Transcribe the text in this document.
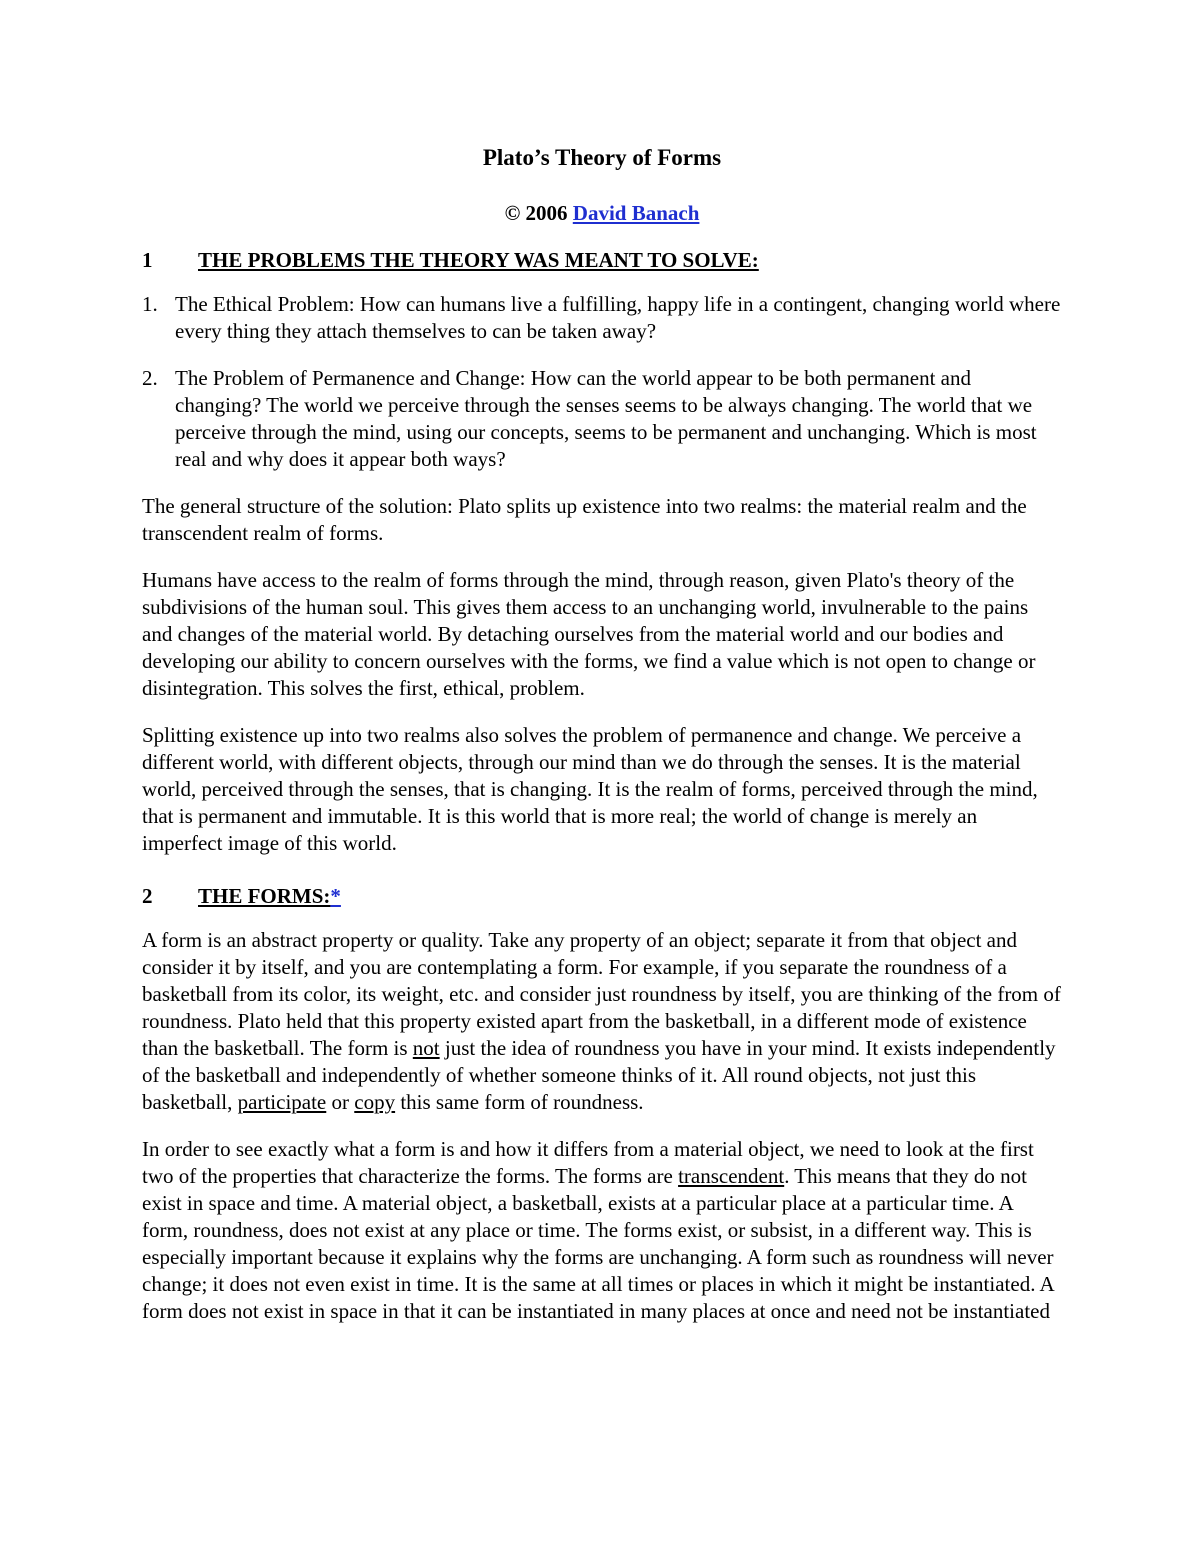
Plato’s Theory of Forms
© 2006 David Banach
1	THE PROBLEMS THE THEORY WAS MEANT TO SOLVE:
1. The Ethical Problem: How can humans live a fulfilling, happy life in a contingent, changing world where every thing they attach themselves to can be taken away?
2. The Problem of Permanence and Change: How can the world appear to be both permanent and changing? The world we perceive through the senses seems to be always changing. The world that we perceive through the mind, using our concepts, seems to be permanent and unchanging. Which is most real and why does it appear both ways?

The general structure of the solution: Plato splits up existence into two realms: the material realm and the transcendent realm of forms.

Humans have access to the realm of forms through the mind, through reason, given Plato's theory of the subdivisions of the human soul. This gives them access to an unchanging world, invulnerable to the pains and changes of the material world. By detaching ourselves from the material world and our bodies and developing our ability to concern ourselves with the forms, we find a value which is not open to change or disintegration. This solves the first, ethical, problem.

Splitting existence up into two realms also solves the problem of permanence and change. We perceive a different world, with different objects, through our mind than we do through the senses. It is the material world, perceived through the senses, that is changing. It is the realm of forms, perceived through the mind, that is permanent and immutable. It is this world that is more real; the world of change is merely an imperfect image of this world.

2	THE FORMS:*

A form is an abstract property or quality. Take any property of an object; separate it from that object and consider it by itself, and you are contemplating a form. For example, if you separate the roundness of a basketball from its color, its weight, etc. and consider just roundness by itself, you are thinking of the from of roundness. Plato held that this property existed apart from the basketball, in a different mode of existence than the basketball. The form is not just the idea of roundness you have in your mind. It exists independently of the basketball and independently of whether someone thinks of it. All round objects, not just this basketball, participate or copy this same form of roundness.

In order to see exactly what a form is and how it differs from a material object, we need to look at the first two of the properties that characterize the forms. The forms are transcendent. This means that they do not exist in space and time. A material object, a basketball, exists at a particular place at a particular time. A form, roundness, does not exist at any place or time. The forms exist, or subsist, in a different way. This is especially important because it explains why the forms are unchanging. A form such as roundness will never change; it does not even exist in time. It is the same at all times or places in which it might be instantiated. A form does not exist in space in that it can be instantiated in many places at once and need not be instantiated
